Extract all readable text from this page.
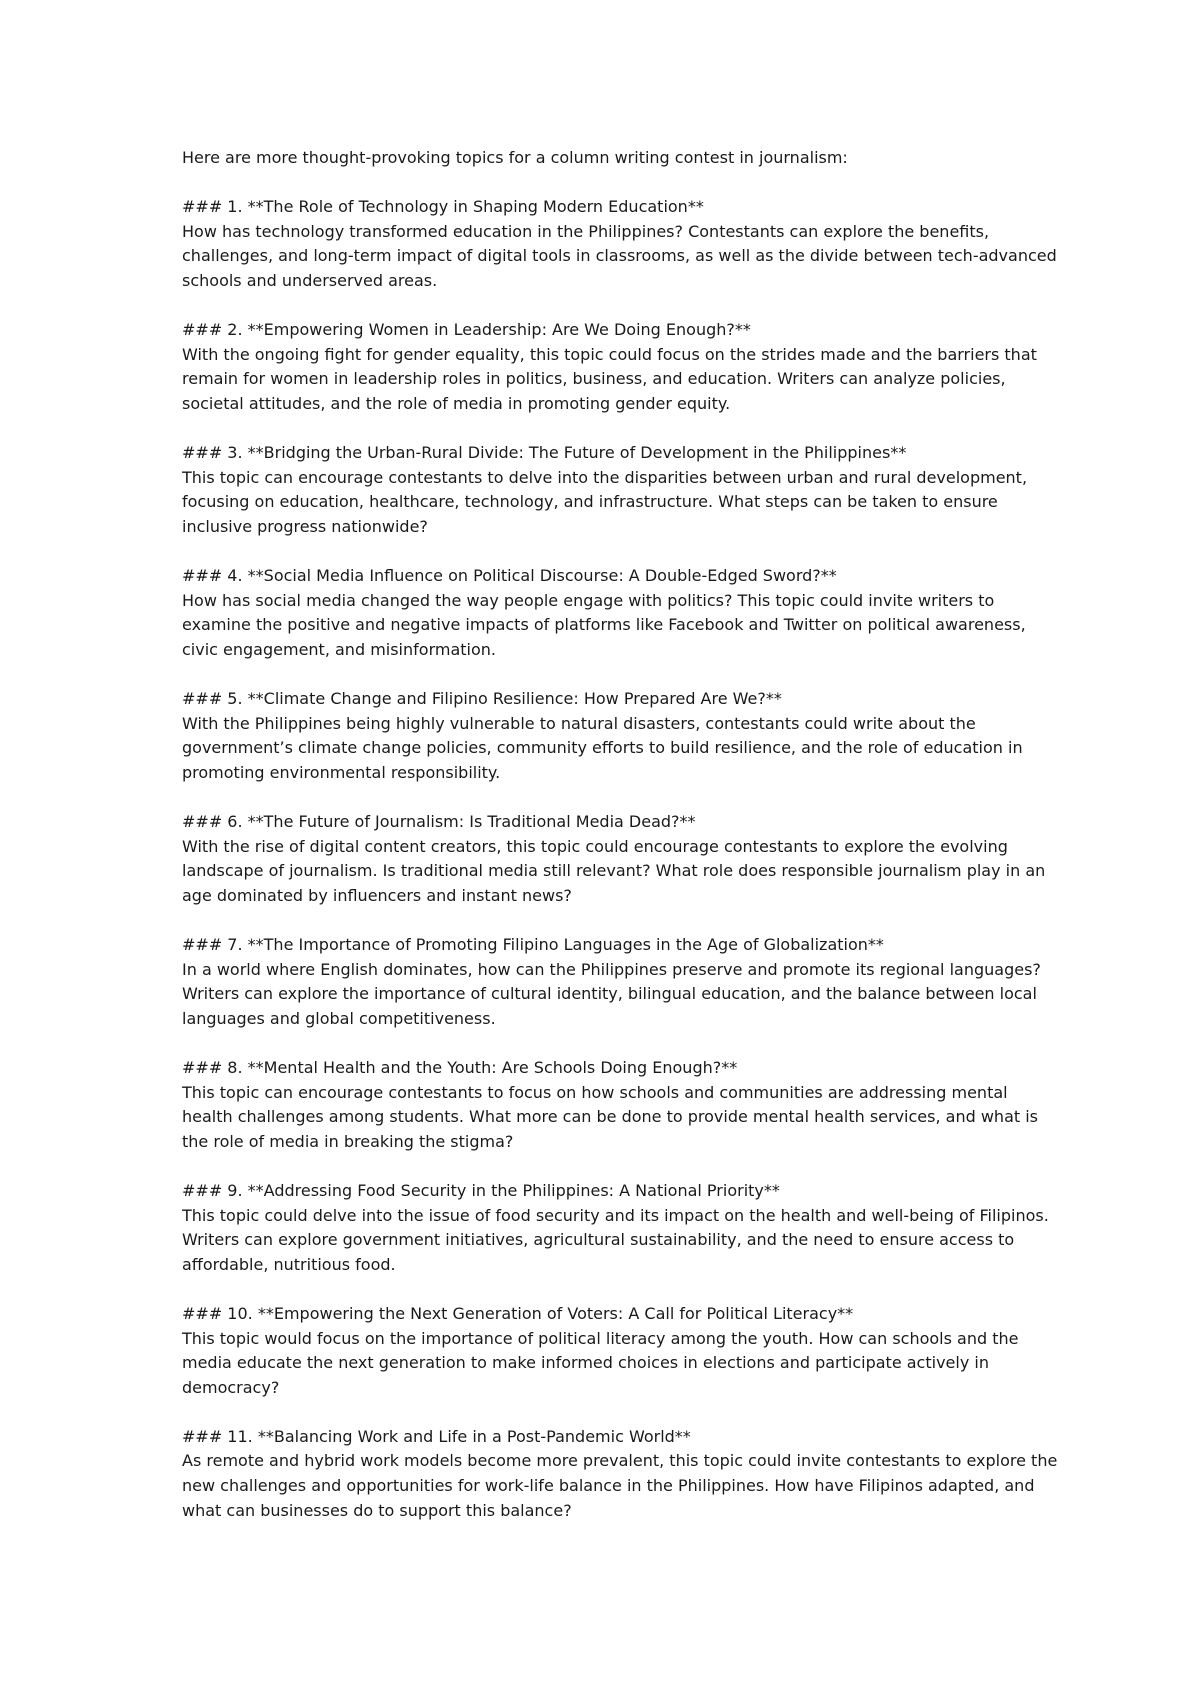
Here are more thought-provoking topics for a column writing contest in journalism:

### 1. **The Role of Technology in Shaping Modern Education**
How has technology transformed education in the Philippines? Contestants can explore the benefits, challenges, and long-term impact of digital tools in classrooms, as well as the divide between tech-advanced schools and underserved areas.
### 2. **Empowering Women in Leadership: Are We Doing Enough?**
With the ongoing fight for gender equality, this topic could focus on the strides made and the barriers that remain for women in leadership roles in politics, business, and education. Writers can analyze policies, societal attitudes, and the role of media in promoting gender equity.
### 3. **Bridging the Urban-Rural Divide: The Future of Development in the Philippines**
This topic can encourage contestants to delve into the disparities between urban and rural development, focusing on education, healthcare, technology, and infrastructure. What steps can be taken to ensure inclusive progress nationwide?
### 4. **Social Media Influence on Political Discourse: A Double-Edged Sword?**
How has social media changed the way people engage with politics? This topic could invite writers to examine the positive and negative impacts of platforms like Facebook and Twitter on political awareness, civic engagement, and misinformation.
### 5. **Climate Change and Filipino Resilience: How Prepared Are We?**
With the Philippines being highly vulnerable to natural disasters, contestants could write about the government’s climate change policies, community efforts to build resilience, and the role of education in promoting environmental responsibility.
### 6. **The Future of Journalism: Is Traditional Media Dead?**
With the rise of digital content creators, this topic could encourage contestants to explore the evolving landscape of journalism. Is traditional media still relevant? What role does responsible journalism play in an age dominated by influencers and instant news?
### 7. **The Importance of Promoting Filipino Languages in the Age of Globalization**
In a world where English dominates, how can the Philippines preserve and promote its regional languages? Writers can explore the importance of cultural identity, bilingual education, and the balance between local languages and global competitiveness.
### 8. **Mental Health and the Youth: Are Schools Doing Enough?**
This topic can encourage contestants to focus on how schools and communities are addressing mental health challenges among students. What more can be done to provide mental health services, and what is the role of media in breaking the stigma?
### 9. **Addressing Food Security in the Philippines: A National Priority**
This topic could delve into the issue of food security and its impact on the health and well-being of Filipinos. Writers can explore government initiatives, agricultural sustainability, and the need to ensure access to affordable, nutritious food.
### 10. **Empowering the Next Generation of Voters: A Call for Political Literacy**
This topic would focus on the importance of political literacy among the youth. How can schools and the media educate the next generation to make informed choices in elections and participate actively in democracy?
### 11. **Balancing Work and Life in a Post-Pandemic World**
As remote and hybrid work models become more prevalent, this topic could invite contestants to explore the new challenges and opportunities for work-life balance in the Philippines. How have Filipinos adapted, and what can businesses do to support this balance?
